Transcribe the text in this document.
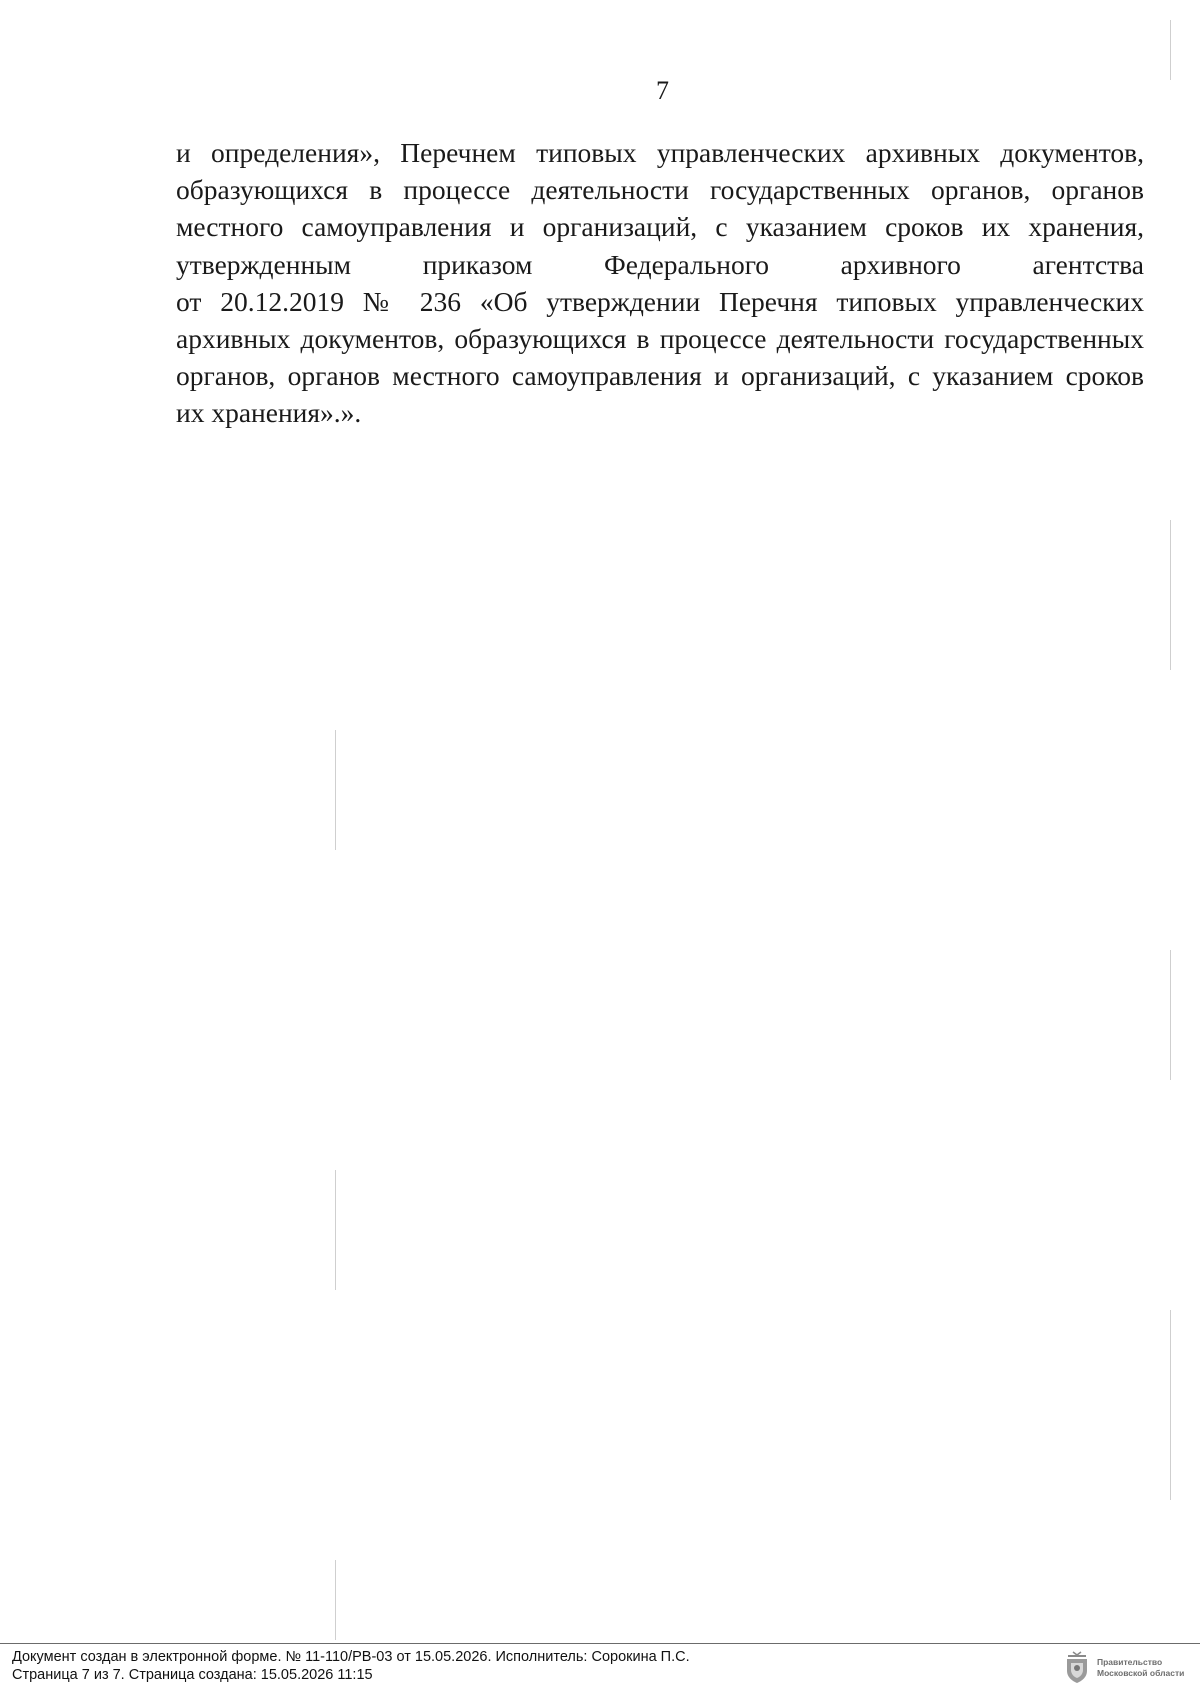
7
и определения», Перечнем типовых управленческих архивных документов,
образующихся в процессе деятельности государственных органов, органов
местного самоуправления и организаций, с указанием сроков их хранения,
утвержденным приказом Федерального архивного агентства
от 20.12.2019 № 236 «Об утверждении Перечня типовых управленческих
архивных документов, образующихся в процессе деятельности государственных
органов, органов местного самоуправления и организаций, с указанием сроков
их хранения».».
Документ создан в электронной форме. № 11-110/РВ-03 от 15.05.2026. Исполнитель: Сорокина П.С.
Страница 7 из 7. Страница создана: 15.05.2026 11:15
Правительство
Московской области
